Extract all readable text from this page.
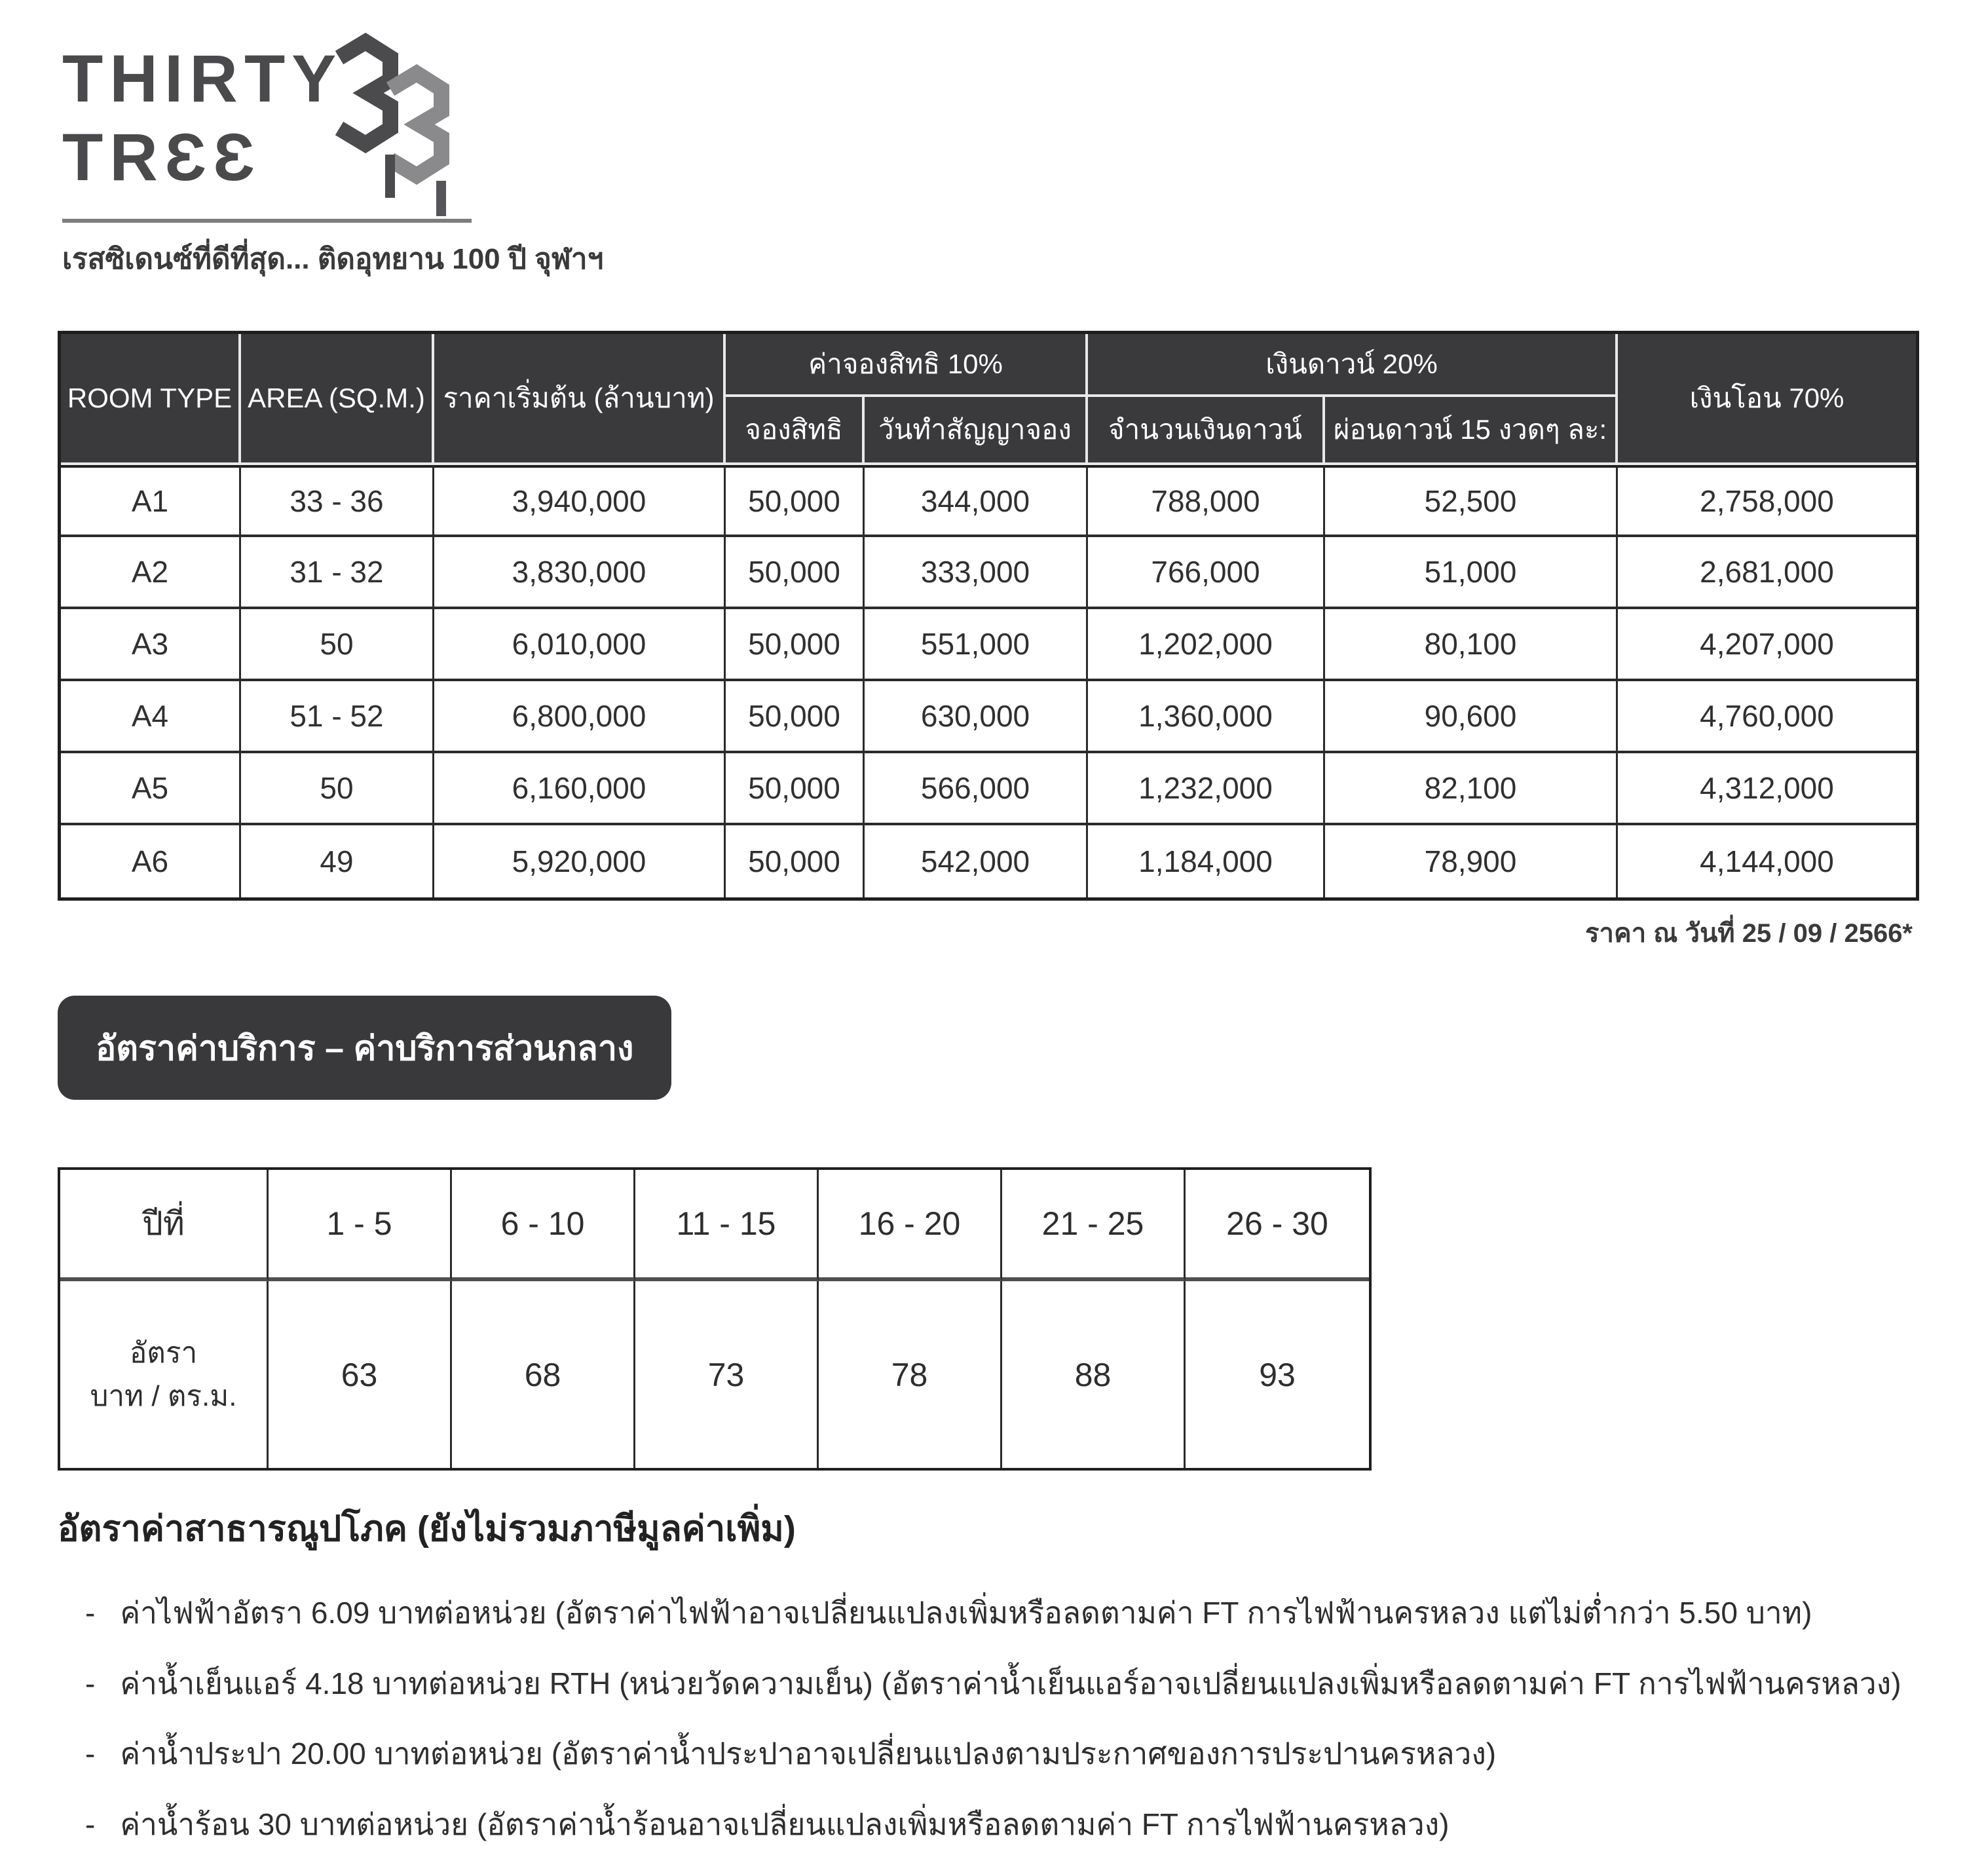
THIRTY
TRƐƐ
เรสซิเดนซ์ที่ดีที่สุด... ติดอุทยาน 100 ปี จุฬาฯ
ROOM TYPE	AREA (SQ.M.)	ราคาเริ่มต้น (ล้านบาท)	ค่าจองสิทธิ 10%		เงินดาวน์ 20%		เงินโอน 70%
			จองสิทธิ	วันทำสัญญาจอง	จำนวนเงินดาวน์	ผ่อนดาวน์ 15 งวดๆ ละ:	
A1	33 - 36	3,940,000	50,000	344,000	788,000	52,500	2,758,000
A2	31 - 32	3,830,000	50,000	333,000	766,000	51,000	2,681,000
A3	50	6,010,000	50,000	551,000	1,202,000	80,100	4,207,000
A4	51 - 52	6,800,000	50,000	630,000	1,360,000	90,600	4,760,000
A5	50	6,160,000	50,000	566,000	1,232,000	82,100	4,312,000
A6	49	5,920,000	50,000	542,000	1,184,000	78,900	4,144,000
ราคา ณ วันที่ 25 / 09 / 2566*
อัตราค่าบริการ – ค่าบริการส่วนกลาง
ปีที่	1 - 5	6 - 10	11 - 15	16 - 20	21 - 25	26 - 30

อัตรา
บาท / ตร.ม.	63	68	73	78	88	93
อัตราค่าสาธารณูปโภค (ยังไม่รวมภาษีมูลค่าเพิ่ม)
- ค่าไฟฟ้าอัตรา 6.09 บาทต่อหน่วย (อัตราค่าไฟฟ้าอาจเปลี่ยนแปลงเพิ่มหรือลดตามค่า FT การไฟฟ้านครหลวง แต่ไม่ต่ำกว่า 5.50 บาท)
- ค่าน้ำเย็นแอร์ 4.18 บาทต่อหน่วย RTH (หน่วยวัดความเย็น) (อัตราค่าน้ำเย็นแอร์อาจเปลี่ยนแปลงเพิ่มหรือลดตามค่า FT การไฟฟ้านครหลวง)
- ค่าน้ำประปา 20.00 บาทต่อหน่วย (อัตราค่าน้ำประปาอาจเปลี่ยนแปลงตามประกาศของการประปานครหลวง)
- ค่าน้ำร้อน 30 บาทต่อหน่วย (อัตราค่าน้ำร้อนอาจเปลี่ยนแปลงเพิ่มหรือลดตามค่า FT การไฟฟ้านครหลวง)
